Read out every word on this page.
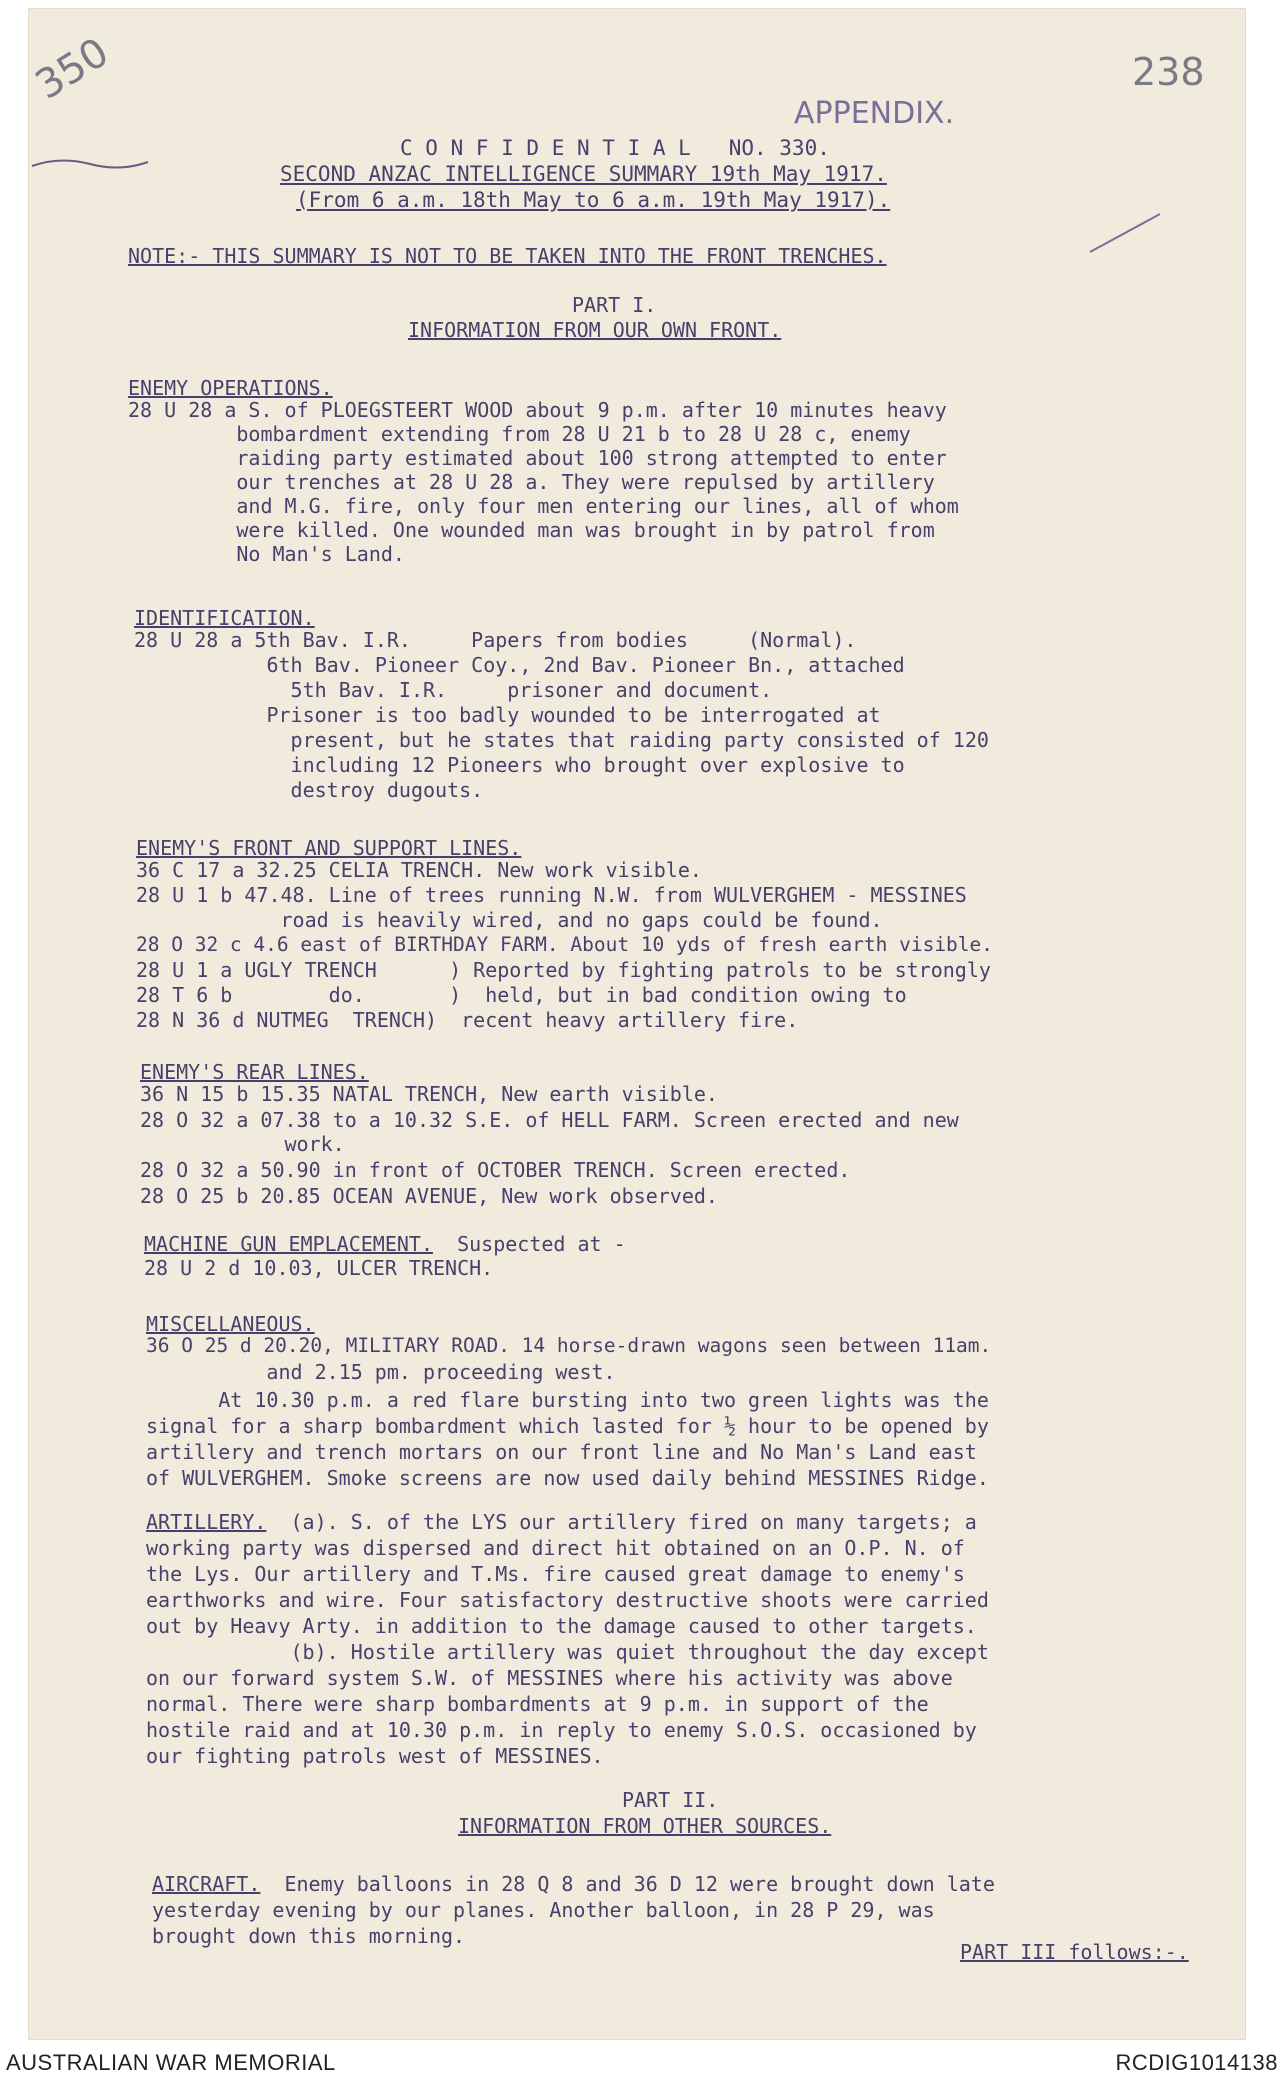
350	238
APPENDIX.
C O N F I D E N T I A L   NO. 330.
SECOND ANZAC INTELLIGENCE SUMMARY 19th May 1917.
(From 6 a.m. 18th May to 6 a.m. 19th May 1917).
NOTE:- THIS SUMMARY IS NOT TO BE TAKEN INTO THE FRONT TRENCHES.
PART I.
INFORMATION FROM OUR OWN FRONT.
ENEMY OPERATIONS.
28 U 28 a S. of PLOEGSTEERT WOOD about 9 p.m. after 10 minutes heavy
bombardment extending from 28 U 21 b to 28 U 28 c, enemy
raiding party estimated about 100 strong attempted to enter
our trenches at 28 U 28 a. They were repulsed by artillery
and M.G. fire, only four men entering our lines, all of whom
were killed. One wounded man was brought in by patrol from
No Man's Land.
IDENTIFICATION.
28 U 28 a 5th Bav. I.R.     Papers from bodies     (Normal).
6th Bav. Pioneer Coy., 2nd Bav. Pioneer Bn., attached
5th Bav. I.R.     prisoner and document.
Prisoner is too badly wounded to be interrogated at
present, but he states that raiding party consisted of 120
including 12 Pioneers who brought over explosive to
destroy dugouts.
ENEMY'S FRONT AND SUPPORT LINES.
36 C 17 a 32.25 CELIA TRENCH. New work visible.
28 U 1 b 47.48. Line of trees running N.W. from WULVERGHEM - MESSINES
road is heavily wired, and no gaps could be found.
28 O 32 c 4.6 east of BIRTHDAY FARM. About 10 yds of fresh earth visible.
28 U 1 a UGLY TRENCH      ) Reported by fighting patrols to be strongly
28 T 6 b        do.       )  held, but in bad condition owing to
28 N 36 d NUTMEG  TRENCH)  recent heavy artillery fire.
ENEMY'S REAR LINES.
36 N 15 b 15.35 NATAL TRENCH, New earth visible.
28 O 32 a 07.38 to a 10.32 S.E. of HELL FARM. Screen erected and new
work.
28 O 32 a 50.90 in front of OCTOBER TRENCH. Screen erected.
28 O 25 b 20.85 OCEAN AVENUE, New work observed.
MACHINE GUN EMPLACEMENT.  Suspected at -
28 U 2 d 10.03, ULCER TRENCH.
MISCELLANEOUS.
36 O 25 d 20.20, MILITARY ROAD. 14 horse-drawn wagons seen between 11am.
and 2.15 pm. proceeding west.
At 10.30 p.m. a red flare bursting into two green lights was the
signal for a sharp bombardment which lasted for ½ hour to be opened by
artillery and trench mortars on our front line and No Man's Land east
of WULVERGHEM. Smoke screens are now used daily behind MESSINES Ridge.
ARTILLERY.  (a). S. of the LYS our artillery fired on many targets; a
working party was dispersed and direct hit obtained on an O.P. N. of
the Lys. Our artillery and T.Ms. fire caused great damage to enemy's
earthworks and wire. Four satisfactory destructive shoots were carried
out by Heavy Arty. in addition to the damage caused to other targets.
(b). Hostile artillery was quiet throughout the day except
on our forward system S.W. of MESSINES where his activity was above
normal. There were sharp bombardments at 9 p.m. in support of the
hostile raid and at 10.30 p.m. in reply to enemy S.O.S. occasioned by
our fighting patrols west of MESSINES.
PART II.
INFORMATION FROM OTHER SOURCES.
AIRCRAFT.  Enemy balloons in 28 Q 8 and 36 D 12 were brought down late
yesterday evening by our planes. Another balloon, in 28 P 29, was
brought down this morning.
PART III follows:-.
AUSTRALIAN WAR MEMORIAL	RCDIG1014138
